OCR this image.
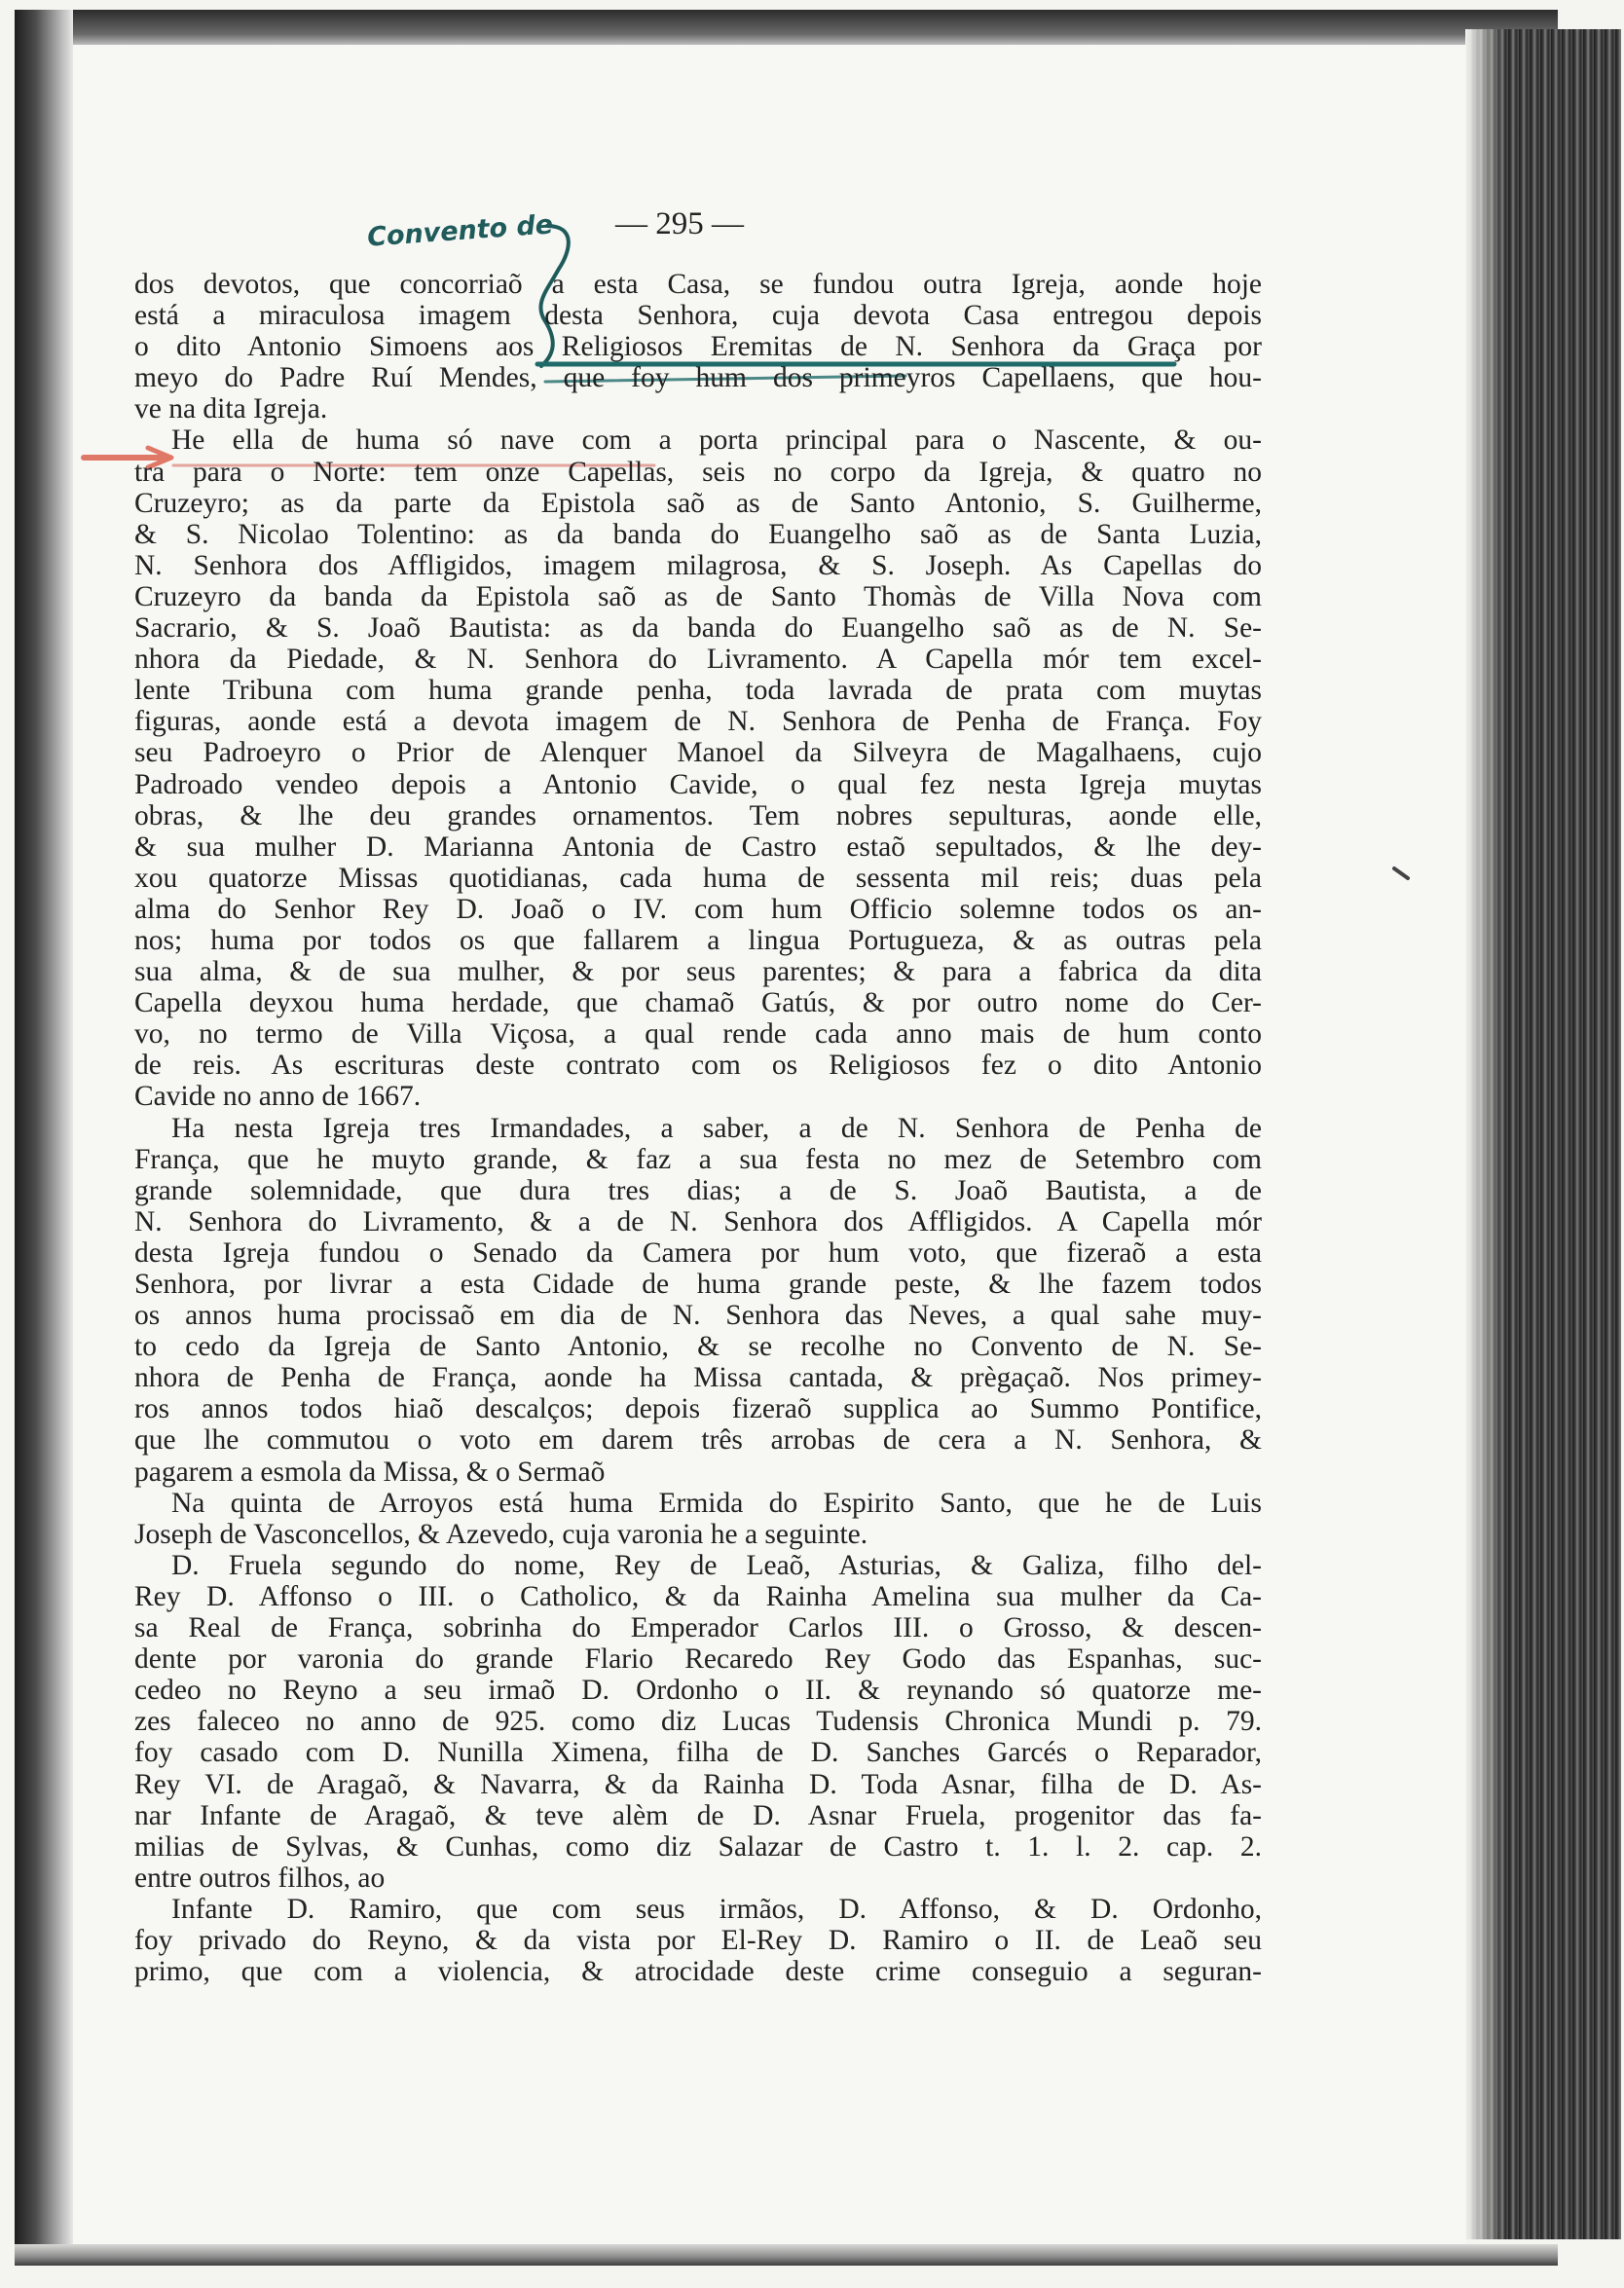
Convento de — 295 —
dos devotos, que concorriaõ a esta Casa, se fundou outra Igreja, aonde hoje
está a miraculosa imagem desta Senhora, cuja devota Casa entregou depois
o dito Antonio Simoens aos Religiosos Eremitas de N. Senhora da Graça por
meyo do Padre Ruí Mendes, que foy hum dos primeyros Capellaens, que hou-
ve na dita Igreja.
He ella de huma só nave com a porta principal para o Nascente, & ou-
tra para o Norte: tem onze Capellas, seis no corpo da Igreja, & quatro no
Cruzeyro; as da parte da Epistola saõ as de Santo Antonio, S. Guilherme,
& S. Nicolao Tolentino: as da banda do Euangelho saõ as de Santa Luzia,
N. Senhora dos Affligidos, imagem milagrosa, & S. Joseph. As Capellas do
Cruzeyro da banda da Epistola saõ as de Santo Thomàs de Villa Nova com
Sacrario, & S. Joaõ Bautista: as da banda do Euangelho saõ as de N. Se-
nhora da Piedade, & N. Senhora do Livramento. A Capella mór tem excel-
lente Tribuna com huma grande penha, toda lavrada de prata com muytas
figuras, aonde está a devota imagem de N. Senhora de Penha de França. Foy
seu Padroeyro o Prior de Alenquer Manoel da Silveyra de Magalhaens, cujo
Padroado vendeo depois a Antonio Cavide, o qual fez nesta Igreja muytas
obras, & lhe deu grandes ornamentos. Tem nobres sepulturas, aonde elle,
& sua mulher D. Marianna Antonia de Castro estaõ sepultados, & lhe dey-
xou quatorze Missas quotidianas, cada huma de sessenta mil reis; duas pela
alma do Senhor Rey D. Joaõ o IV. com hum Officio solemne todos os an-
nos; huma por todos os que fallarem a lingua Portugueza, & as outras pela
sua alma, & de sua mulher, & por seus parentes; & para a fabrica da dita
Capella deyxou huma herdade, que chamaõ Gatús, & por outro nome do Cer-
vo, no termo de Villa Viçosa, a qual rende cada anno mais de hum conto
de reis. As escrituras deste contrato com os Religiosos fez o dito Antonio
Cavide no anno de 1667.
Ha nesta Igreja tres Irmandades, a saber, a de N. Senhora de Penha de
França, que he muyto grande, & faz a sua festa no mez de Setembro com
grande solemnidade, que dura tres dias; a de S. Joaõ Bautista, a de
N. Senhora do Livramento, & a de N. Senhora dos Affligidos. A Capella mór
desta Igreja fundou o Senado da Camera por hum voto, que fizeraõ a esta
Senhora, por livrar a esta Cidade de huma grande peste, & lhe fazem todos
os annos huma procissaõ em dia de N. Senhora das Neves, a qual sahe muy-
to cedo da Igreja de Santo Antonio, & se recolhe no Convento de N. Se-
nhora de Penha de França, aonde ha Missa cantada, & prègaçaõ. Nos primey-
ros annos todos hiaõ descalços; depois fizeraõ supplica ao Summo Pontifice,
que lhe commutou o voto em darem três arrobas de cera a N. Senhora, &
pagarem a esmola da Missa, & o Sermaõ
Na quinta de Arroyos está huma Ermida do Espirito Santo, que he de Luis
Joseph de Vasconcellos, & Azevedo, cuja varonia he a seguinte.
D. Fruela segundo do nome, Rey de Leaõ, Asturias, & Galiza, filho del-
Rey D. Affonso o III. o Catholico, & da Rainha Amelina sua mulher da Ca-
sa Real de França, sobrinha do Emperador Carlos III. o Grosso, & descen-
dente por varonia do grande Flario Recaredo Rey Godo das Espanhas, suc-
cedeo no Reyno a seu irmaõ D. Ordonho o II. & reynando só quatorze me-
zes faleceo no anno de 925. como diz Lucas Tudensis Chronica Mundi p. 79.
foy casado com D. Nunilla Ximena, filha de D. Sanches Garcés o Reparador,
Rey VI. de Aragaõ, & Navarra, & da Rainha D. Toda Asnar, filha de D. As-
nar Infante de Aragaõ, & teve alèm de D. Asnar Fruela, progenitor das fa-
milias de Sylvas, & Cunhas, como diz Salazar de Castro t. 1. l. 2. cap. 2.
entre outros filhos, ao
Infante D. Ramiro, que com seus irmãos, D. Affonso, & D. Ordonho,
foy privado do Reyno, & da vista por El-Rey D. Ramiro o II. de Leaõ seu
primo, que com a violencia, & atrocidade deste crime conseguio a seguran-
